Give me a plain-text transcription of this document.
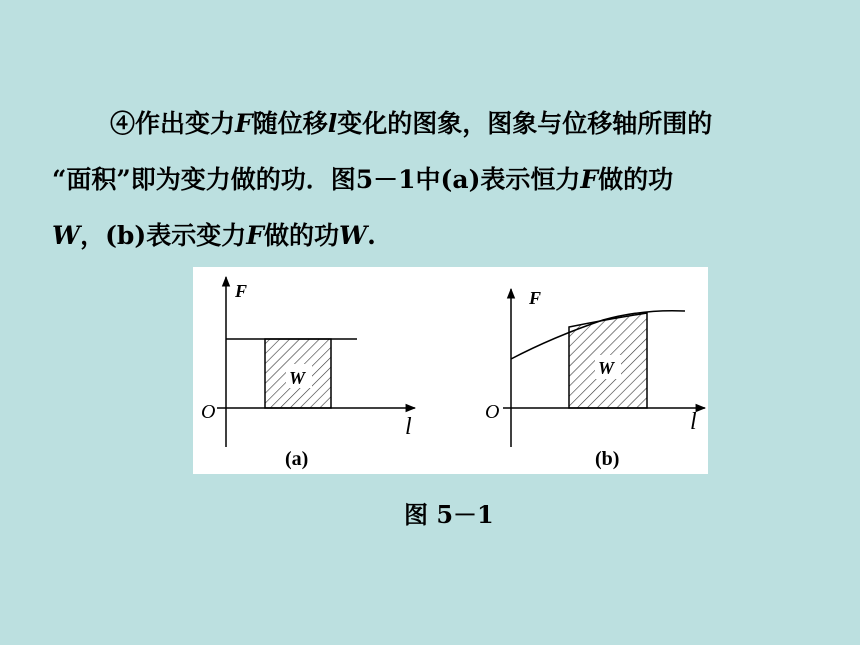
④作出变力F随位移l变化的图象，图象与位移轴所围的
“面积”即为变力做的功．图5－1中(a)表示恒力F做的功
W，(b)表示变力F做的功W.
W
F
l
O
(a)
W
F
l
O
(b)
图 5－1
